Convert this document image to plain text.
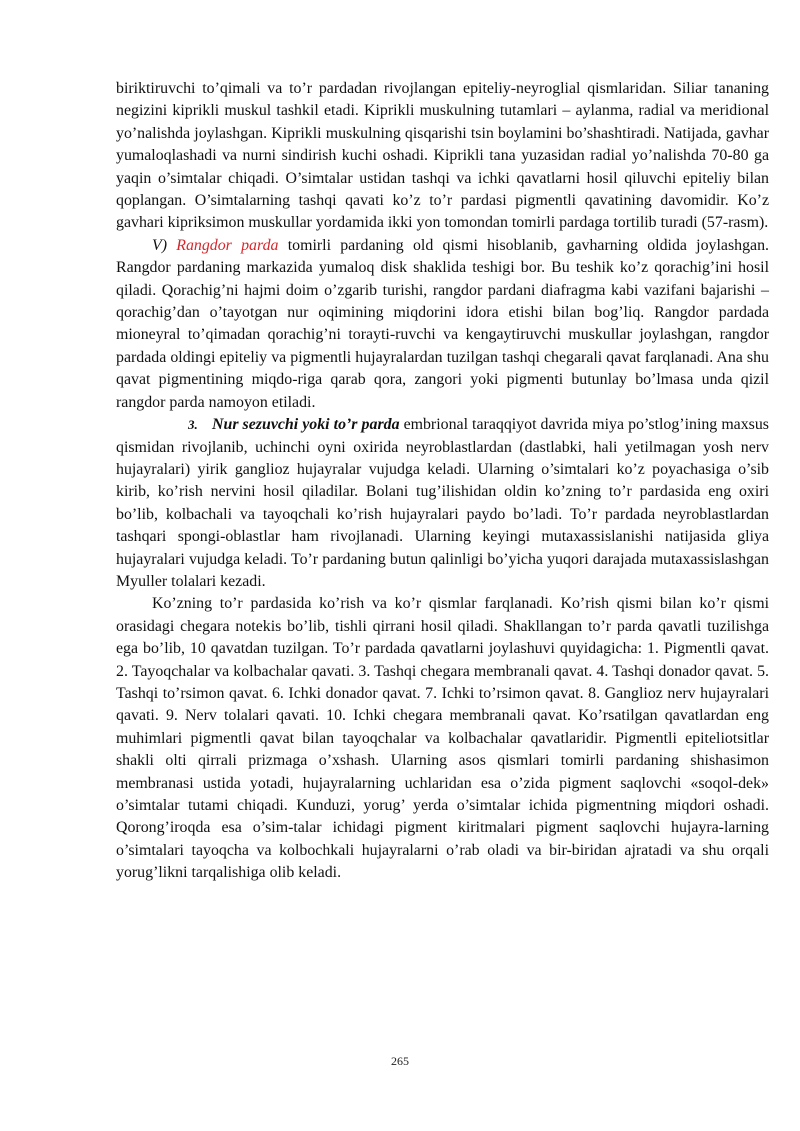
biriktiruvchi to’qimali va to’r pardadan rivojlangan epiteliy-neyroglial qismlaridan. Siliar tananing negizini kiprikli muskul tashkil etadi. Kiprikli muskulning tutamlari – aylanma, radial va meridional yo’nalishda joylashgan. Kiprikli muskulning qisqarishi tsin boylamini bo’shashtiradi. Natijada, gavhar yumaloqlashadi va nurni sindirish kuchi oshadi. Kiprikli tana yuzasidan radial yo’nalishda 70-80 ga yaqin o’simtalar chiqadi. O’simtalar ustidan tashqi va ichki qavatlarni hosil qiluvchi epiteliy bilan qoplangan. O’simtalarning tashqi qavati ko’z to’r pardasi pigmentli qavatining davomidir. Ko’z gavhari kipriksimon muskullar yordamida ikki yon tomondan tomirli pardaga tortilib turadi (57-rasm).

V) Rangdor parda tomirli pardaning old qismi hisoblanib, gavharning oldida joylashgan. Rangdor pardaning markazida yumaloq disk shaklida teshigi bor. Bu teshik ko’z qorachig’ini hosil qiladi. Qorachig’ni hajmi doim o’zgarib turishi, rangdor pardani diafragma kabi vazifani bajarishi – qorachig’dan o’tayotgan nur oqimining miqdorini idora etishi bilan bog’liq. Rangdor pardada mioneyral to’qimadan qorachig’ni torayti-ruvchi va kengaytiruvchi muskullar joylashgan, rangdor pardada oldingi epiteliy va pigmentli hujayralardan tuzilgan tashqi chegarali qavat farqlanadi. Ana shu qavat pigmentining miqdo-riga qarab qora, zangori yoki pigmenti butunlay bo’lmasa unda qizil rangdor parda namoyon etiladi.

3. Nur sezuvchi yoki to’r parda embrional taraqqiyot davrida miya po’stlog’ining maxsus qismidan rivojlanib, uchinchi oyni oxirida neyroblastlardan (dastlabki, hali yetilmagan yosh nerv hujayralari) yirik ganglioz hujayralar vujudga keladi. Ularning o’simtalari ko’z poyachasiga o’sib kirib, ko’rish nervini hosil qiladilar. Bolani tug’ilishidan oldin ko’zning to’r pardasida eng oxiri bo’lib, kolbachali va tayoqchali ko’rish hujayralari paydo bo’ladi. To’r pardada neyroblastlardan tashqari spongi-oblastlar ham rivojlanadi. Ularning keyingi mutaxassislanishi natijasida gliya hujayralari vujudga keladi. To’r pardaning butun qalinligi bo’yicha yuqori darajada mutaxassislashgan Myuller tolalari kezadi.

Ko’zning to’r pardasida ko’rish va ko’r qismlar farqlanadi. Ko’rish qismi bilan ko’r qismi orasidagi chegara notekis bo’lib, tishli qirrani hosil qiladi. Shakllangan to’r parda qavatli tuzilishga ega bo’lib, 10 qavatdan tuzilgan. To’r pardada qavatlarni joylashuvi quyidagicha: 1. Pigmentli qavat. 2. Tayoqchalar va kolbachalar qavati. 3. Tashqi chegara membranali qavat. 4. Tashqi donador qavat. 5. Tashqi to’rsimon qavat. 6. Ichki donador qavat. 7. Ichki to’rsimon qavat. 8. Ganglioz nerv hujayralari qavati. 9. Nerv tolalari qavati. 10. Ichki chegara membranali qavat. Ko’rsatilgan qavatlardan eng muhimlari pigmentli qavat bilan tayoqchalar va kolbachalar qavatlaridir. Pigmentli epiteliotsitlar shakli olti qirrali prizmaga o’xshash. Ularning asos qismlari tomirli pardaning shishasimon membranasi ustida yotadi, hujayralarning uchlaridan esa o’zida pigment saqlovchi «soqol-dek» o’simtalar tutami chiqadi. Kunduzi, yorug’ yerda o’simtalar ichida pigmentning miqdori oshadi. Qorong’iroqda esa o’sim-talar ichidagi pigment kiritmalari pigment saqlovchi hujayra-larning o’simtalari tayoqcha va kolbochkali hujayralarni o’rab oladi va bir-biridan ajratadi va shu orqali yorug’likni tarqalishiga olib keladi.

265
